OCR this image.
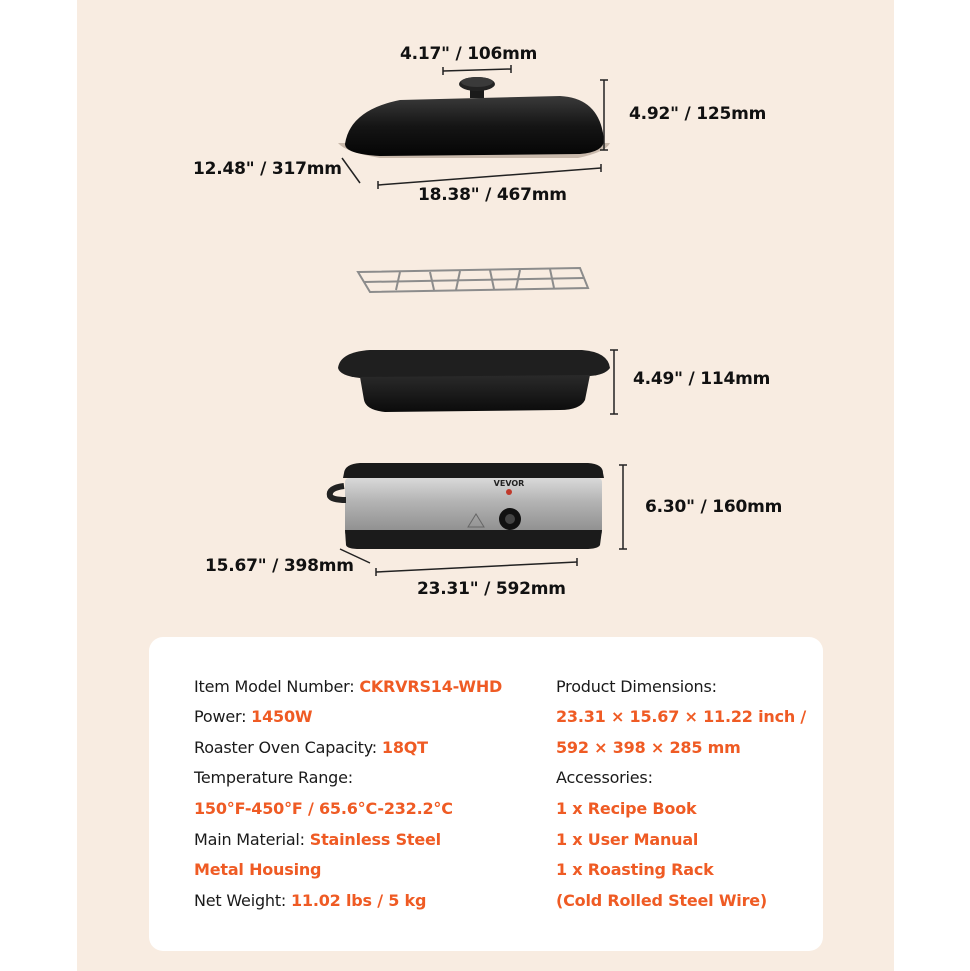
VEVOR
4.17" / 106mm
4.92" / 125mm
12.48" / 317mm
18.38" / 467mm
4.49" / 114mm
6.30" / 160mm
15.67" / 398mm
23.31" / 592mm
Item Model Number: CKRVRS14-WHD
Power: 1450W
Roaster Oven Capacity: 18QT
Temperature Range:
150°F-450°F / 65.6°C-232.2°C
Main Material: Stainless Steel
Metal Housing
Net Weight: 11.02 lbs / 5 kg
Product Dimensions:
23.31 × 15.67 × 11.22 inch /
592 × 398 × 285 mm
Accessories:
1 x Recipe Book
1 x User Manual
1 x Roasting Rack
(Cold Rolled Steel Wire)
